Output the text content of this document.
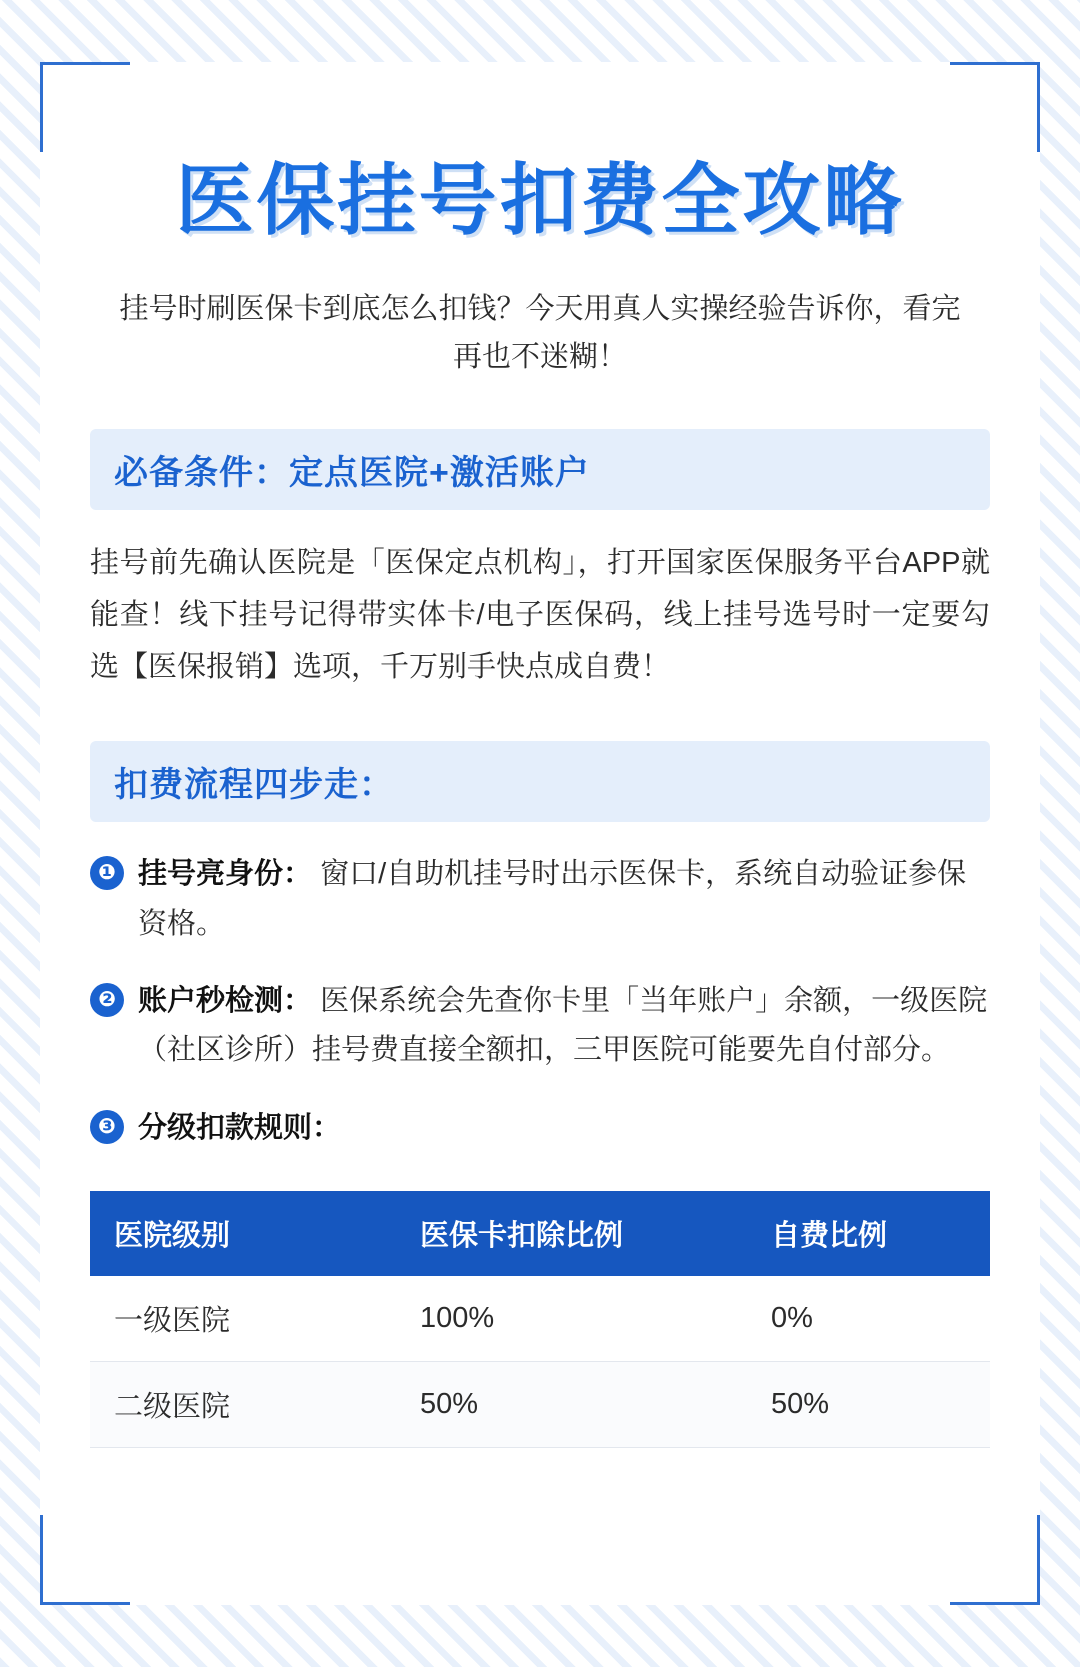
医保挂号扣费全攻略

挂号时刷医保卡到底怎么扣钱？今天用真人实操经验告诉你，看完再也不迷糊！

必备条件：定点医院+激活账户

挂号前先确认医院是「医保定点机构」，打开国家医保服务平台APP就能查！线下挂号记得带实体卡/电子医保码，线上挂号选号时一定要勾选【医保报销】选项，千万别手快点成自费！

扣费流程四步走：
❶ 挂号亮身份： 窗口/自助机挂号时出示医保卡，系统自动验证参保资格。
❷ 账户秒检测： 医保系统会先查你卡里「当年账户」余额，一级医院（社区诊所）挂号费直接全额扣，三甲医院可能要先自付部分。
❸ 分级扣款规则：
医院级别	医保卡扣除比例	自费比例
一级医院	100%	0%
二级医院	50%	50%
